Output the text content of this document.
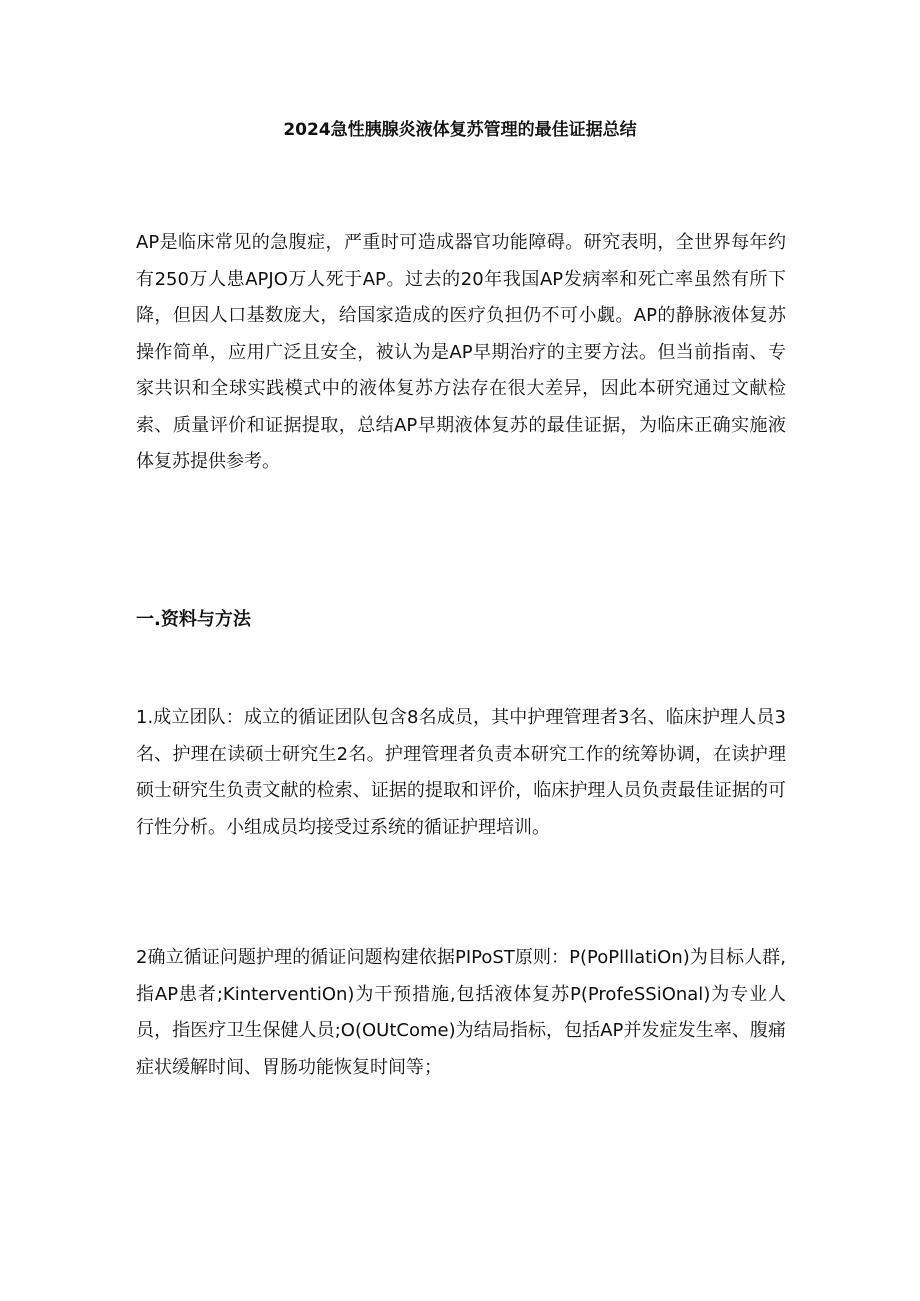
2024急性胰腺炎液体复苏管理的最佳证据总结

AP是临床常见的急腹症，严重时可造成器官功能障碍。研究表明，全世界每年约有250万人患APJO万人死于AP。过去的20年我国AP发病率和死亡率虽然有所下降，但因人口基数庞大，给国家造成的医疗负担仍不可小觑。AP的静脉液体复苏操作简单，应用广泛且安全，被认为是AP早期治疗的主要方法。但当前指南、专家共识和全球实践模式中的液体复苏方法存在很大差异，因此本研究通过文献检索、质量评价和证据提取，总结AP早期液体复苏的最佳证据，为临床正确实施液体复苏提供参考。

一.资料与方法

1.成立团队：成立的循证团队包含8名成员，其中护理管理者3名、临床护理人员3名、护理在读硕士研究生2名。护理管理者负责本研究工作的统筹协调，在读护理硕士研究生负责文献的检索、证据的提取和评价，临床护理人员负责最佳证据的可行性分析。小组成员均接受过系统的循证护理培训。

2确立循证问题护理的循证问题构建依据PIPoST原则：P(PoPlllatiOn)为目标人群,指AP患者;KinterventiOn)为干预措施,包括液体复苏P(ProfeSSiOnal)为专业人员，指医疗卫生保健人员;O(OUtCome)为结局指标，包括AP并发症发生率、腹痛症状缓解时间、胃肠功能恢复时间等；
